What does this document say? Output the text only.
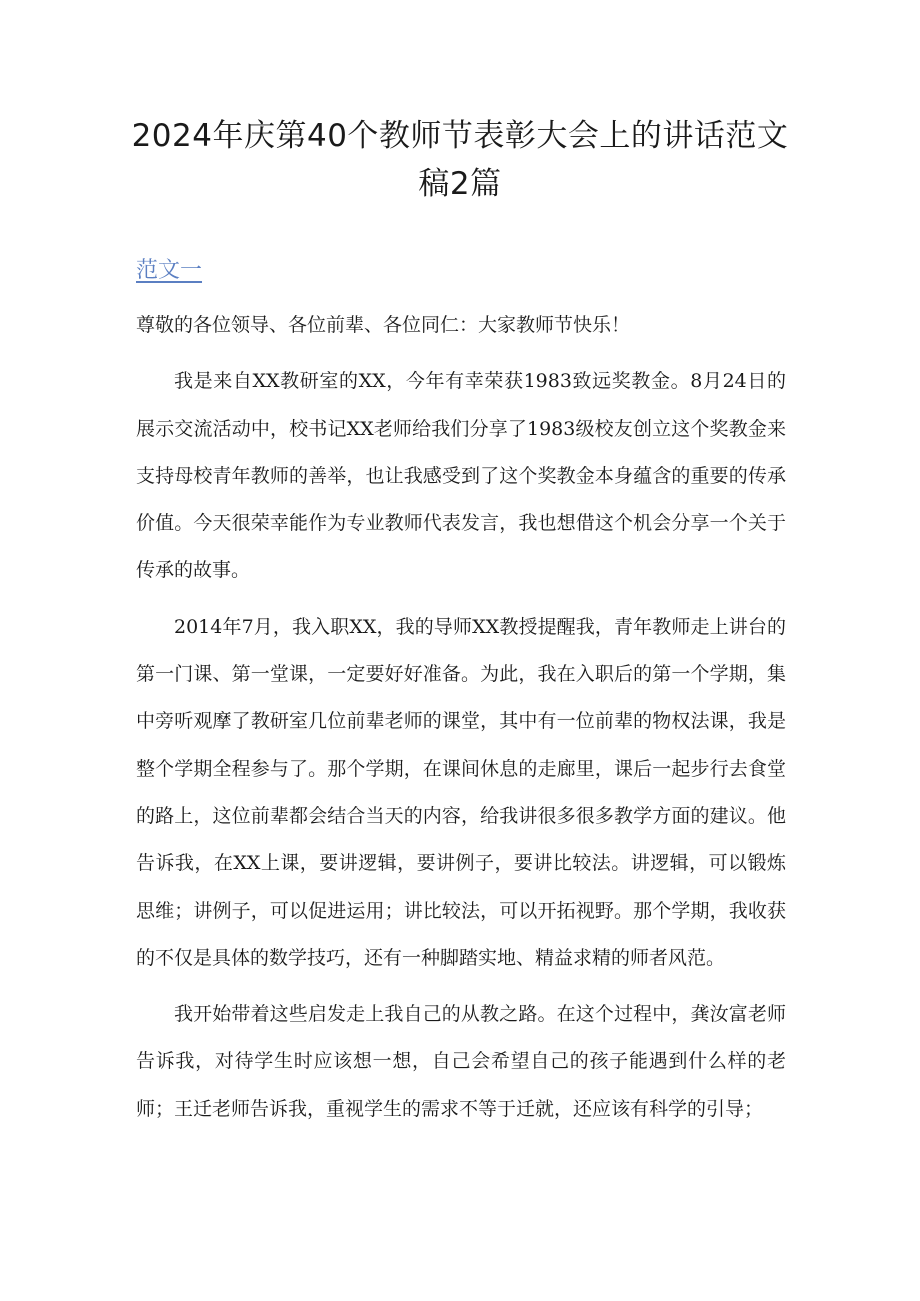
2024年庆第40个教师节表彰大会上的讲话范文
稿2篇
范文一

尊敬的各位领导、各位前辈、各位同仁：大家教师节快乐！

我是来自XX教研室的XX，今年有幸荣获1983致远奖教金。8月24日的展示交流活动中，校书记XX老师给我们分享了1983级校友创立这个奖教金来支持母校青年教师的善举，也让我感受到了这个奖教金本身蕴含的重要的传承价值。今天很荣幸能作为专业教师代表发言，我也想借这个机会分享一个关于传承的故事。

2014年7月，我入职XX，我的导师XX教授提醒我，青年教师走上讲台的第一门课、第一堂课，一定要好好准备。为此，我在入职后的第一个学期，集中旁听观摩了教研室几位前辈老师的课堂，其中有一位前辈的物权法课，我是整个学期全程参与了。那个学期，在课间休息的走廊里，课后一起步行去食堂的路上，这位前辈都会结合当天的内容，给我讲很多很多教学方面的建议。他告诉我，在XX上课，要讲逻辑，要讲例子，要讲比较法。讲逻辑，可以锻炼思维；讲例子，可以促进运用；讲比较法，可以开拓视野。那个学期，我收获的不仅是具体的数学技巧，还有一种脚踏实地、精益求精的师者风范。

我开始带着这些启发走上我自己的从教之路。在这个过程中，龚汝富老师告诉我，对待学生时应该想一想，自己会希望自己的孩子能遇到什么样的老师；王迁老师告诉我，重视学生的需求不等于迁就，还应该有科学的引导；
